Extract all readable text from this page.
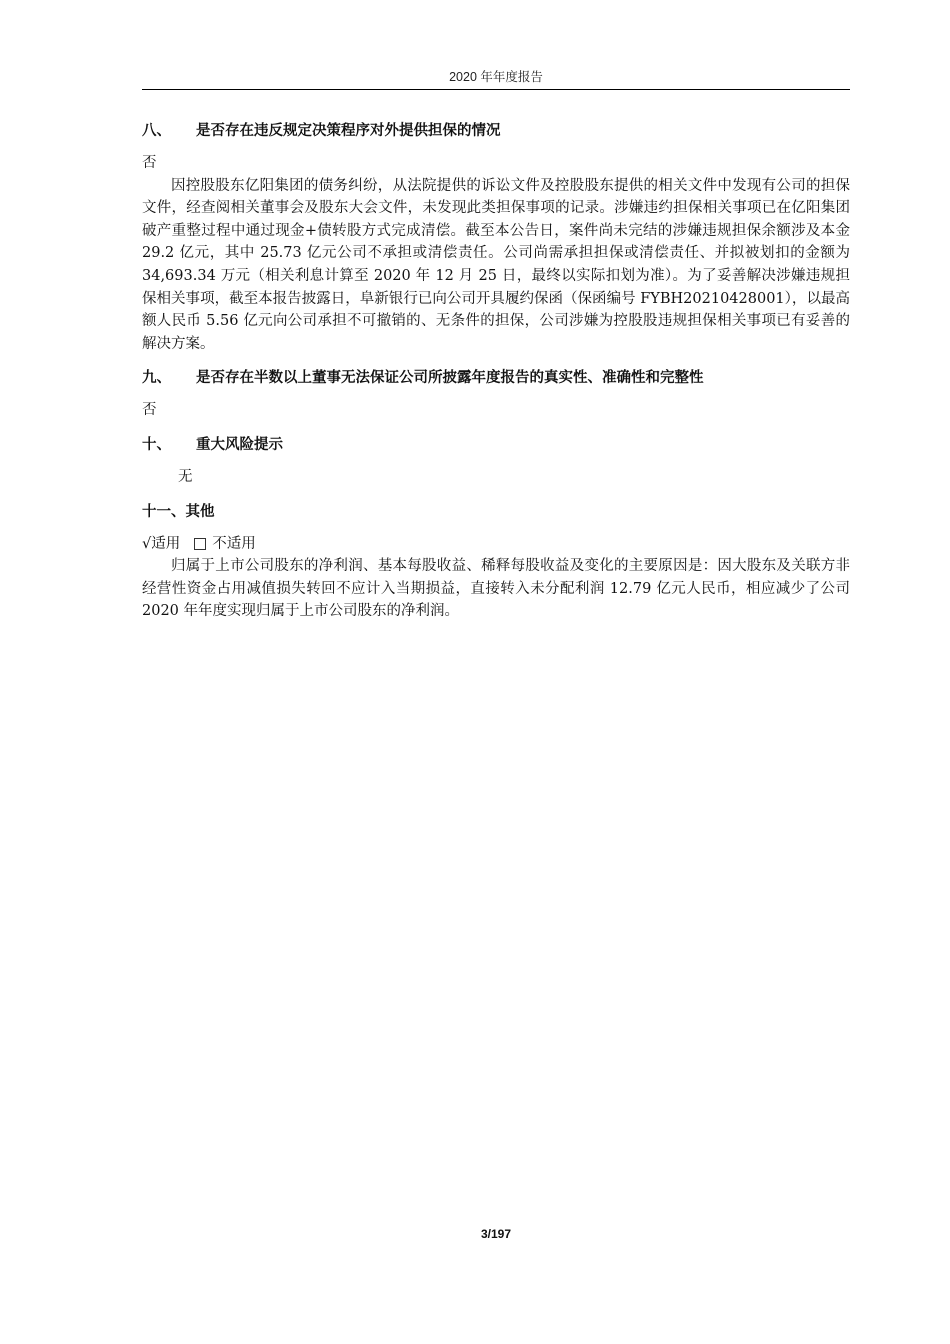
2020 年年度报告
八、	是否存在违反规定决策程序对外提供担保的情况

否

因控股股东亿阳集团的债务纠纷，从法院提供的诉讼文件及控股股东提供的相关文件中发现有公司的担保文件，经查阅相关董事会及股东大会文件，未发现此类担保事项的记录。涉嫌违约担保相关事项已在亿阳集团破产重整过程中通过现金+债转股方式完成清偿。截至本公告日，案件尚未完结的涉嫌违规担保余额涉及本金 29.2 亿元，其中 25.73 亿元公司不承担或清偿责任。公司尚需承担担保或清偿责任、并拟被划扣的金额为 34,693.34 万元（相关利息计算至 2020 年 12 月 25 日，最终以实际扣划为准）。为了妥善解决涉嫌违规担保相关事项，截至本报告披露日，阜新银行已向公司开具履约保函（保函编号 FYBH20210428001），以最高额人民币 5.56 亿元向公司承担不可撤销的、无条件的担保，公司涉嫌为控股股违规担保相关事项已有妥善的解决方案。

九、	是否存在半数以上董事无法保证公司所披露年度报告的真实性、准确性和完整性

否

十、	重大风险提示

无

十一、 其他

√适用 不适用

归属于上市公司股东的净利润、基本每股收益、稀释每股收益及变化的主要原因是：因大股东及关联方非经营性资金占用减值损失转回不应计入当期损益，直接转入未分配利润 12.79 亿元人民币，相应减少了公司 2020 年年度实现归属于上市公司股东的净利润。

3/197
